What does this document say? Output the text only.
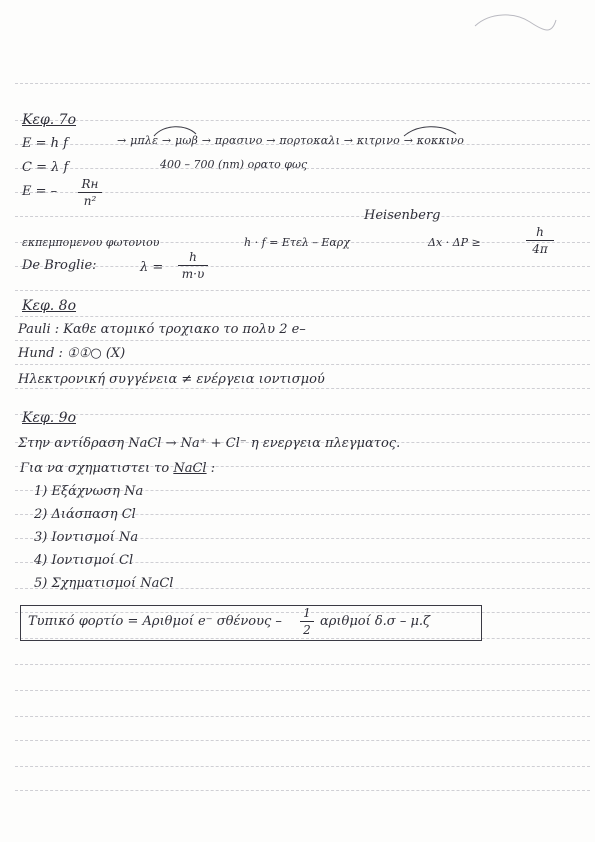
Κεφ. 7ο
E = h f	→ μπλε → μωβ → πρασινο → πορτοκαλι → κιτρινο → κοκκινο
C = λ f	400 – 700 (nm) ορατο φως
E = – Rн
n²
Heisenberg
εκπεμπομενου φωτονιου	h · f = Eτελ – Eαρχ	Δx · ΔP ≥
h
4π
De Broglie:	λ =
h
m·υ
Κεφ. 8ο
Pauli : Καθε ατομικό τροχιακο το πολυ 2 e–
Hund : ①①○ (X)
Ηλεκτρονική συγγένεια ≠ ενέργεια ιοντισμού
Κεφ. 9ο
Στην αντίδραση NaCl → Na⁺ + Cl⁻ η ενεργεια πλεγματος.
Για να σχηματιστει το NaCl :
1) Εξάχνωση Na
2) Διάσπαση Cl
3) Ιοντισμοί Na
4) Ιοντισμοί Cl
5) Σχηματισμοί NaCl
Τυπικό φορτίο = Αριθμοί e⁻ σθένους –
1
2
αριθμοί δ.σ – μ.ζ
